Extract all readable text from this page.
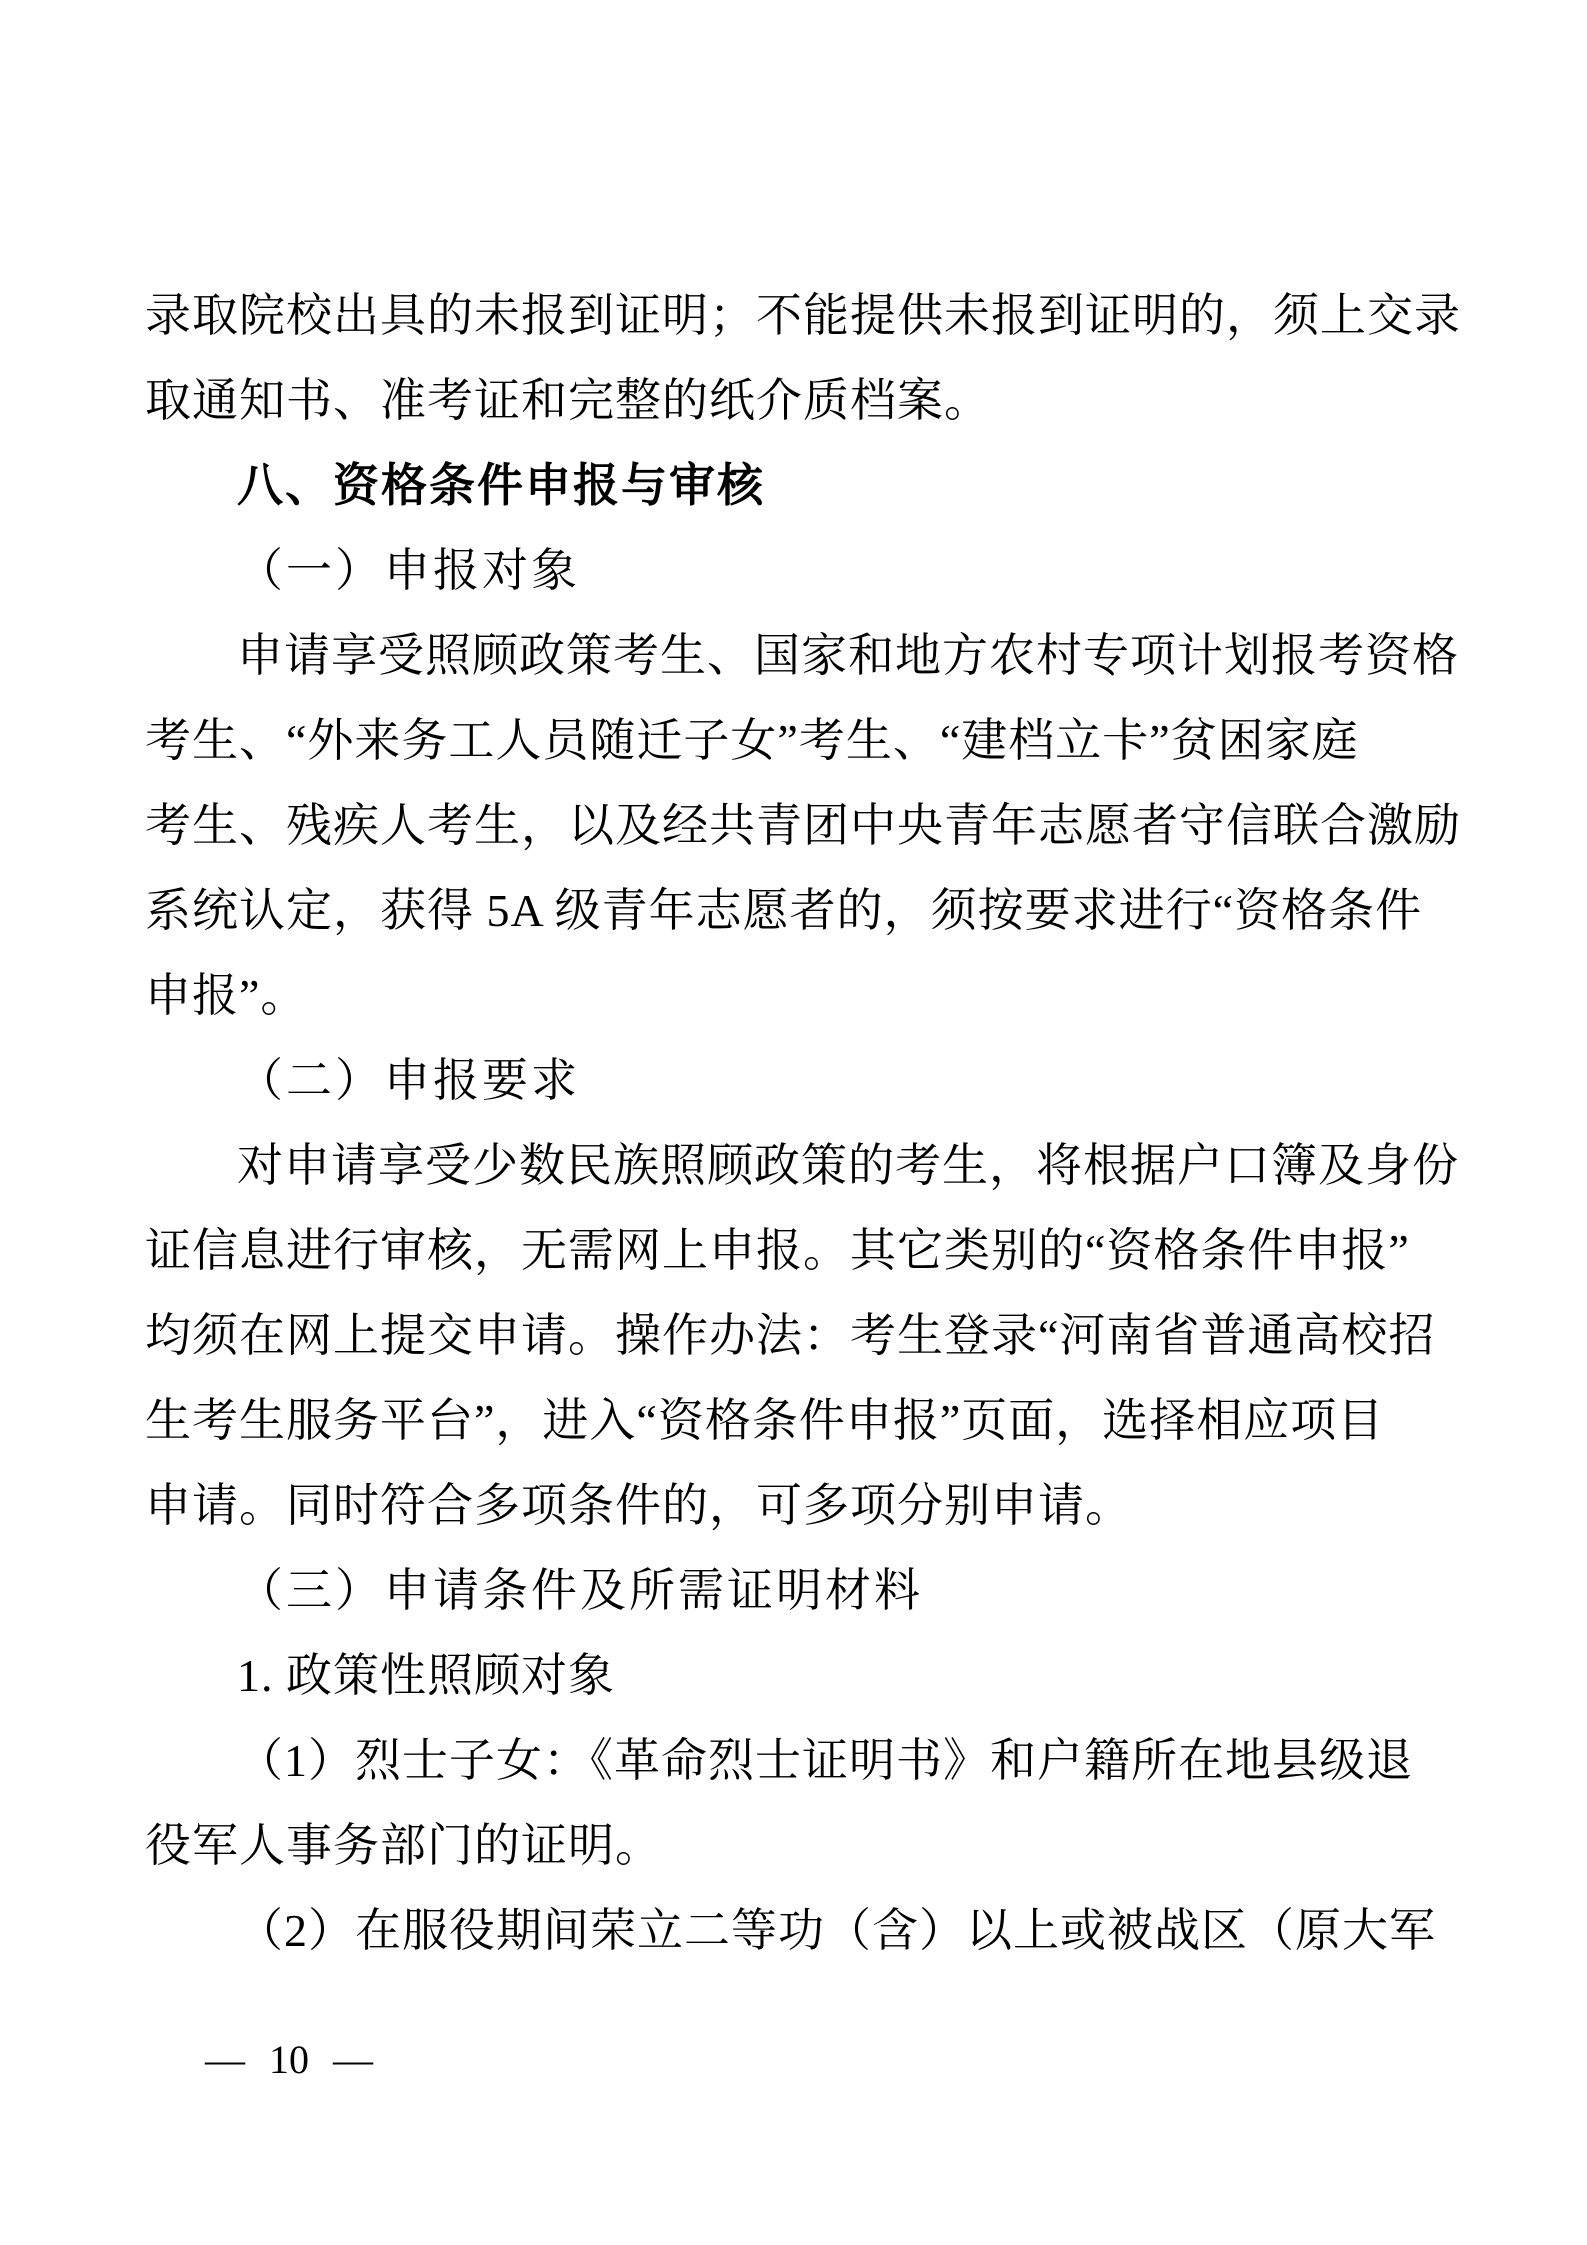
录取院校出具的未报到证明；不能提供未报到证明的，须上交录
取通知书、准考证和完整的纸介质档案。
八、资格条件申报与审核
（一）申报对象
申请享受照顾政策考生、国家和地方农村专项计划报考资格
考生、“外来务工人员随迁子女”考生、“建档立卡”贫困家庭
考生、残疾人考生，以及经共青团中央青年志愿者守信联合激励
系统认定，获得 5A 级青年志愿者的，须按要求进行“资格条件
申报”。
（二）申报要求
对申请享受少数民族照顾政策的考生，将根据户口簿及身份
证信息进行审核，无需网上申报。其它类别的“资格条件申报”
均须在网上提交申请。操作办法：考生登录“河南省普通高校招
生考生服务平台”，进入“资格条件申报”页面，选择相应项目
申请。同时符合多项条件的，可多项分别申请。
（三）申请条件及所需证明材料
1. 政策性照顾对象
（1）烈士子女：《革命烈士证明书》和户籍所在地县级退
役军人事务部门的证明。
（2）在服役期间荣立二等功（含）以上或被战区（原大军
— 10 —
